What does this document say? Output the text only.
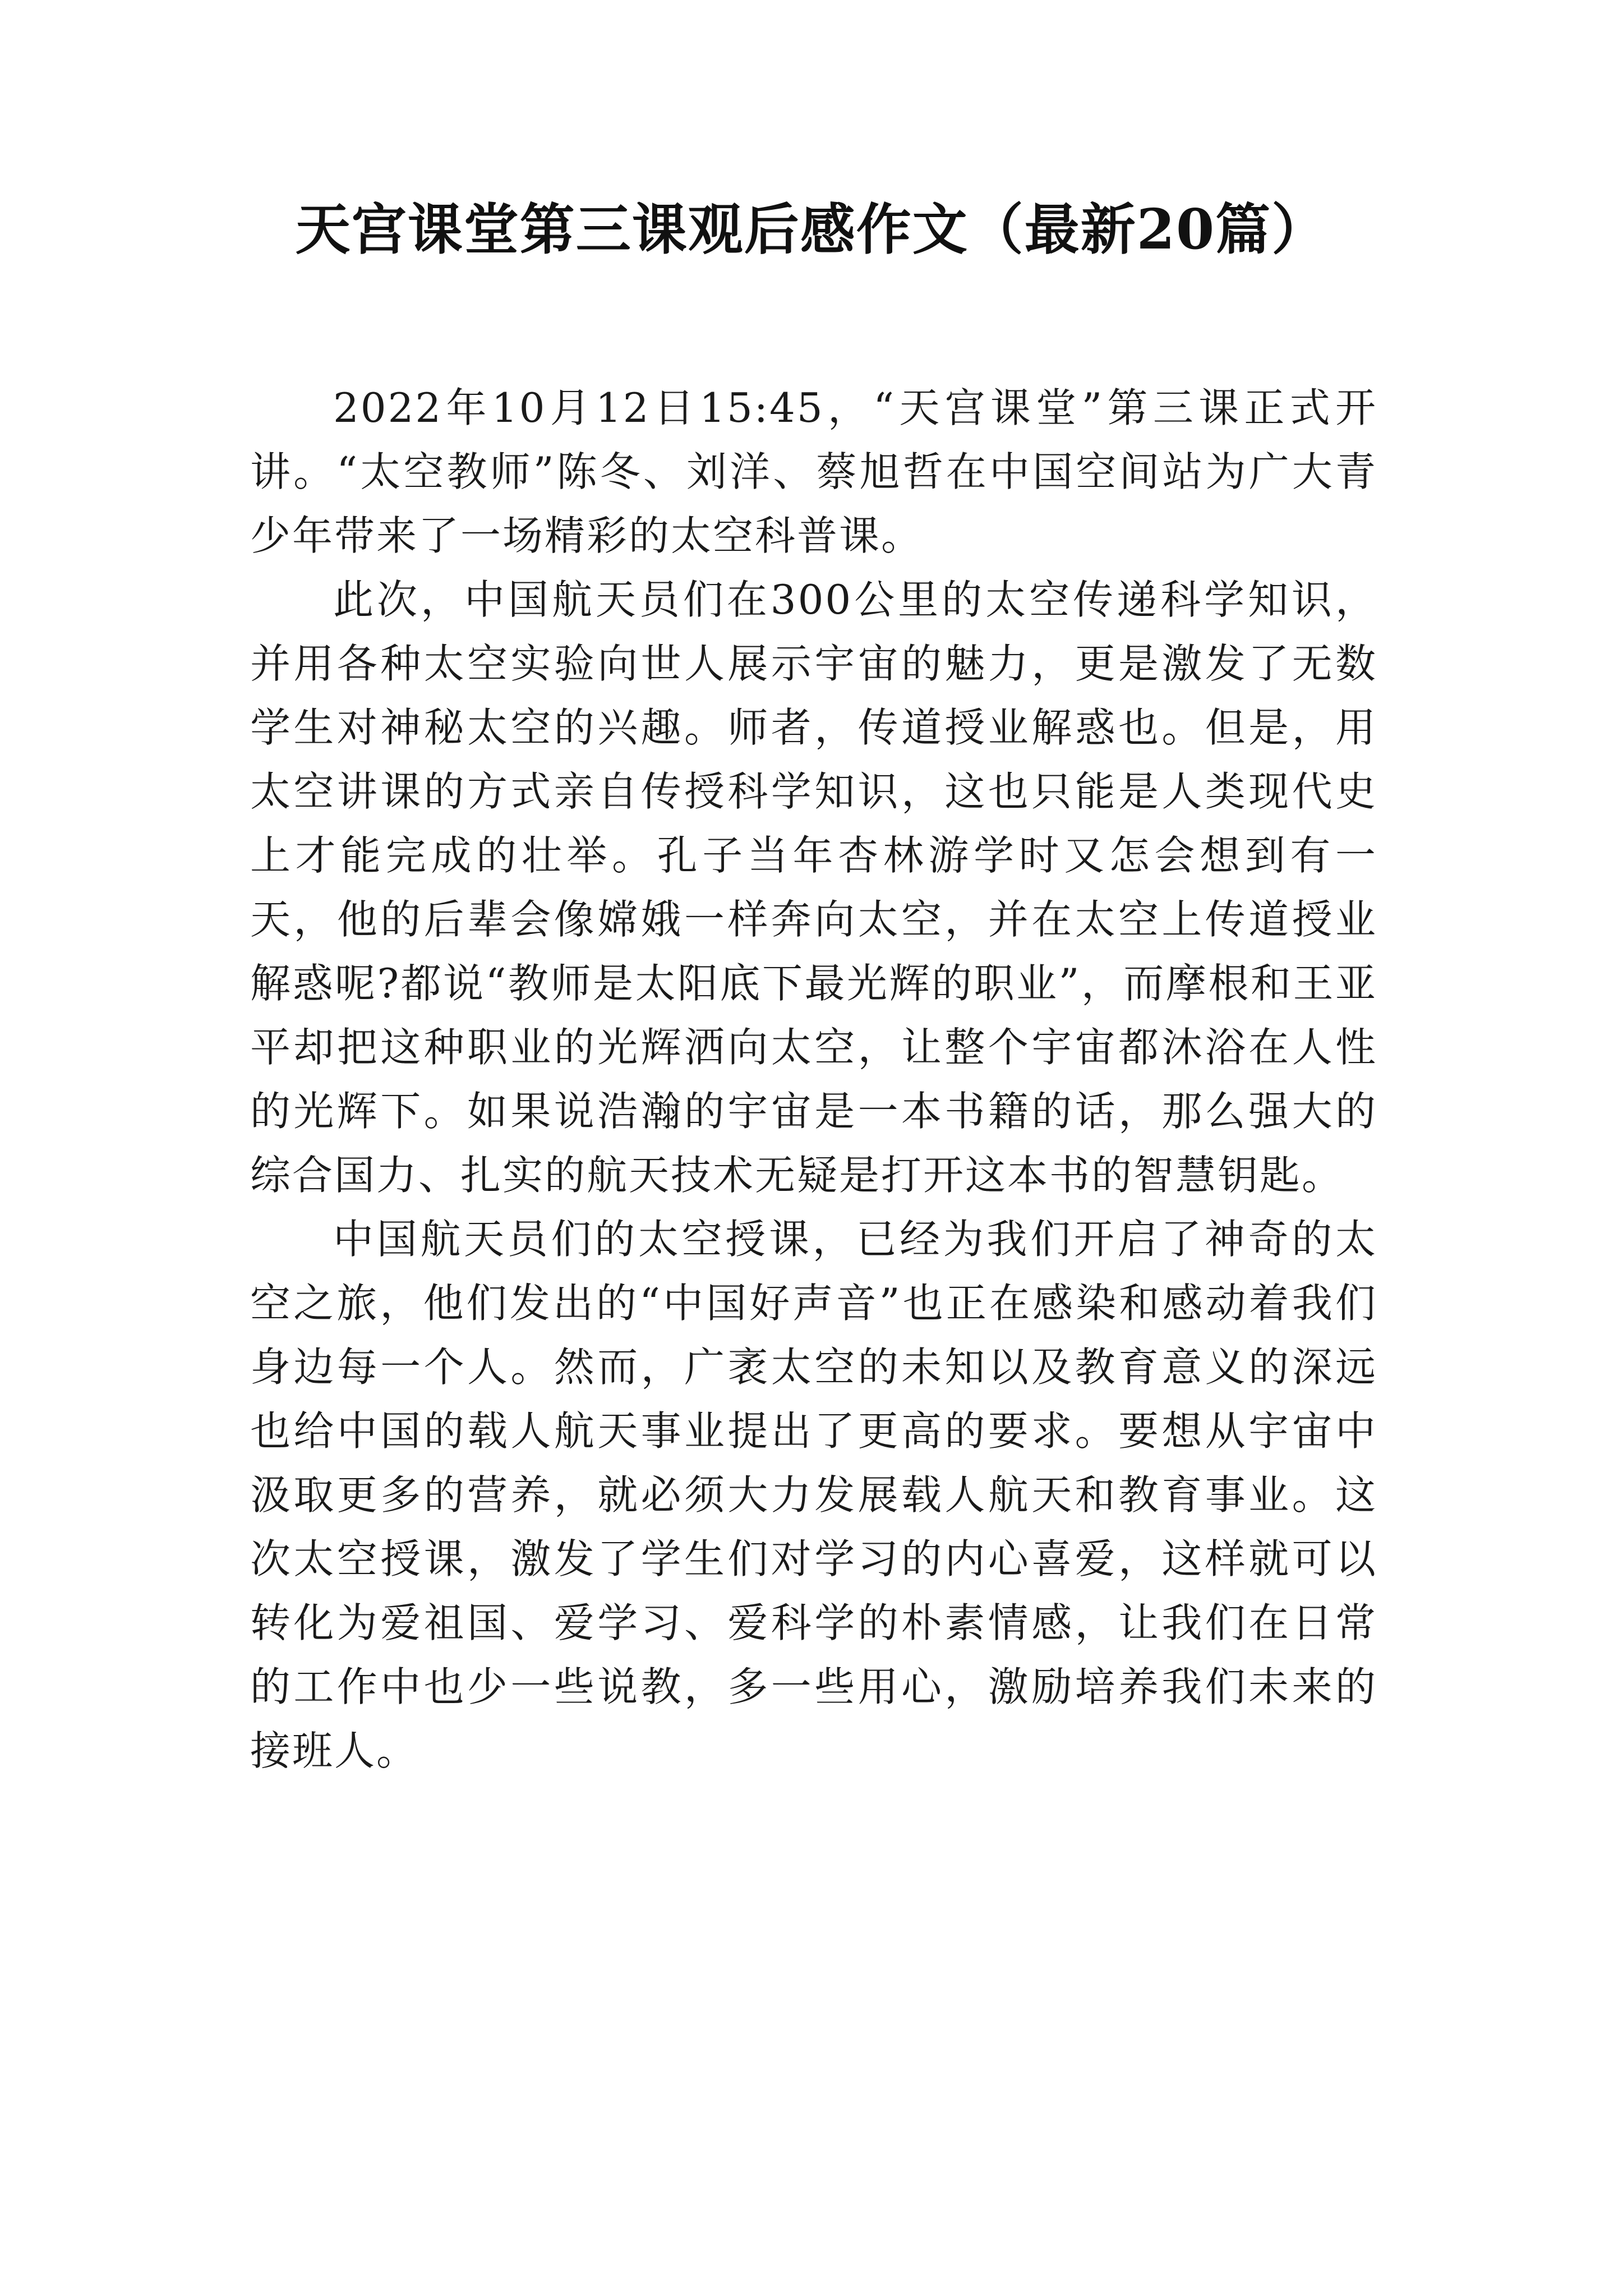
天宫课堂第三课观后感作文（最新20篇）

2022年10月12日15:45，“天宫课堂”第三课正式开讲。“太空教师”陈冬、刘洋、蔡旭哲在中国空间站为广大青少年带来了一场精彩的太空科普课。

此次，中国航天员们在300公里的太空传递科学知识，并用各种太空实验向世人展示宇宙的魅力，更是激发了无数学生对神秘太空的兴趣。师者，传道授业解惑也。但是，用太空讲课的方式亲自传授科学知识，这也只能是人类现代史上才能完成的壮举。孔子当年杏林游学时又怎会想到有一天，他的后辈会像嫦娥一样奔向太空，并在太空上传道授业解惑呢?都说“教师是太阳底下最光辉的职业”，而摩根和王亚平却把这种职业的光辉洒向太空，让整个宇宙都沐浴在人性的光辉下。如果说浩瀚的宇宙是一本书籍的话，那么强大的综合国力、扎实的航天技术无疑是打开这本书的智慧钥匙。

中国航天员们的太空授课，已经为我们开启了神奇的太空之旅，他们发出的“中国好声音”也正在感染和感动着我们身边每一个人。然而，广袤太空的未知以及教育意义的深远也给中国的载人航天事业提出了更高的要求。要想从宇宙中汲取更多的营养，就必须大力发展载人航天和教育事业。这次太空授课，激发了学生们对学习的内心喜爱，这样就可以转化为爱祖国、爱学习、爱科学的朴素情感，让我们在日常的工作中也少一些说教，多一些用心，激励培养我们未来的接班人。
